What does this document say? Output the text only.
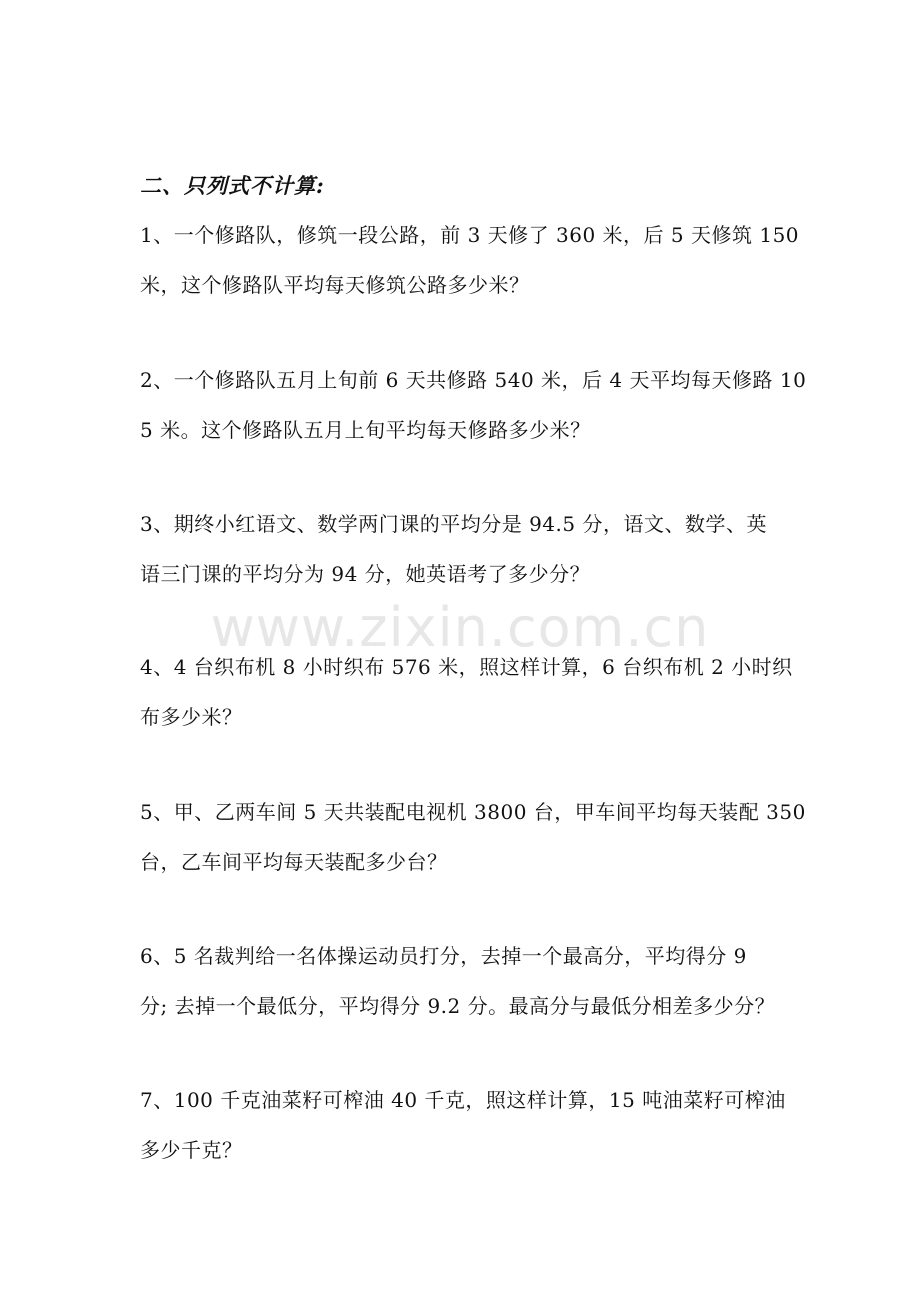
二、只列式不计算:
1、一个修路队，修筑一段公路，前 3 天修了 360 米，后 5 天修筑 150
米，这个修路队平均每天修筑公路多少米？
2、一个修路队五月上旬前 6 天共修路 540 米，后 4 天平均每天修路 10
5 米。这个修路队五月上旬平均每天修路多少米？
3、期终小红语文、数学两门课的平均分是 94.5 分，语文、数学、英
语三门课的平均分为 94 分，她英语考了多少分？
4、4 台织布机 8 小时织布 576 米，照这样计算，6 台织布机 2 小时织
布多少米？
5、甲、乙两车间 5 天共装配电视机 3800 台，甲车间平均每天装配 350
台，乙车间平均每天装配多少台？
6、5 名裁判给一名体操运动员打分，去掉一个最高分，平均得分 9
分; 去掉一个最低分，平均得分 9.2 分。最高分与最低分相差多少分？
7、100 千克油菜籽可榨油 40 千克，照这样计算，15 吨油菜籽可榨油
多少千克？
www.zixin.com.cn
